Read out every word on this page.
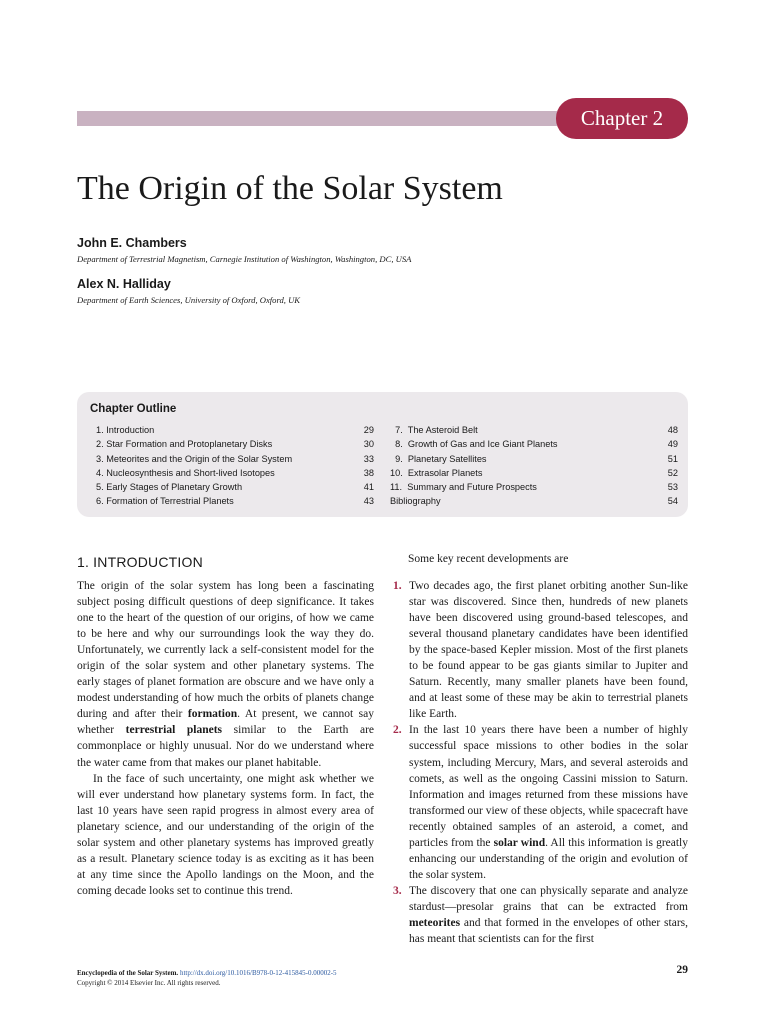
Chapter 2
The Origin of the Solar System
John E. Chambers
Department of Terrestrial Magnetism, Carnegie Institution of Washington, Washington, DC, USA
Alex N. Halliday
Department of Earth Sciences, University of Oxford, Oxford, UK
Chapter Outline
1. Introduction	29
2. Star Formation and Protoplanetary Disks	30
3. Meteorites and the Origin of the Solar System	33
4. Nucleosynthesis and Short-lived Isotopes	38
5. Early Stages of Planetary Growth	41
6. Formation of Terrestrial Planets	43
7.  The Asteroid Belt	48
8.  Growth of Gas and Ice Giant Planets	49
9.  Planetary Satellites	51
10.  Extrasolar Planets	52
11.  Summary and Future Prospects	53
Bibliography	54
1. INTRODUCTION	Some key recent developments are

The origin of the solar system has long been a fascinating subject posing difficult questions of deep significance. It takes one to the heart of the question of our origins, of how we came to be here and why our surroundings look the way they do. Unfortunately, we currently lack a self-consistent model for the origin of the solar system and other planetary systems. The early stages of planet formation are obscure and we have only a modest understanding of how much the orbits of planets change during and after their formation. At present, we cannot say whether terrestrial planets similar to the Earth are commonplace or highly unusual. Nor do we understand where the water came from that makes our planet habitable.

In the face of such uncertainty, one might ask whether we will ever understand how planetary systems form. In fact, the last 10 years have seen rapid progress in almost every area of planetary science, and our understanding of the origin of the solar system and other planetary systems has improved greatly as a result. Planetary science today is as exciting as it has been at any time since the Apollo landings on the Moon, and the coming decade looks set to continue this trend.

1. Two decades ago, the first planet orbiting another Sun-like star was discovered. Since then, hundreds of new planets have been discovered using ground-based telescopes, and several thousand planetary candidates have been identified by the space-based Kepler mission. Most of the first planets to be found appear to be gas giants similar to Jupiter and Saturn. Recently, many smaller planets have been found, and at least some of these may be akin to terrestrial planets like Earth.
2. In the last 10 years there have been a number of highly successful space missions to other bodies in the solar system, including Mercury, Mars, and several asteroids and comets, as well as the ongoing Cassini mission to Saturn. Information and images returned from these missions have transformed our view of these objects, while spacecraft have recently obtained samples of an asteroid, a comet, and particles from the solar wind. All this information is greatly enhancing our understanding of the origin and evolution of the solar system.
3. The discovery that one can physically separate and analyze stardust—presolar grains that can be extracted from meteorites and that formed in the envelopes of other stars, has meant that scientists can for the first
Encyclopedia of the Solar System. http://dx.doi.org/10.1016/B978-0-12-415845-0.00002-5
Copyright © 2014 Elsevier Inc. All rights reserved.
29
